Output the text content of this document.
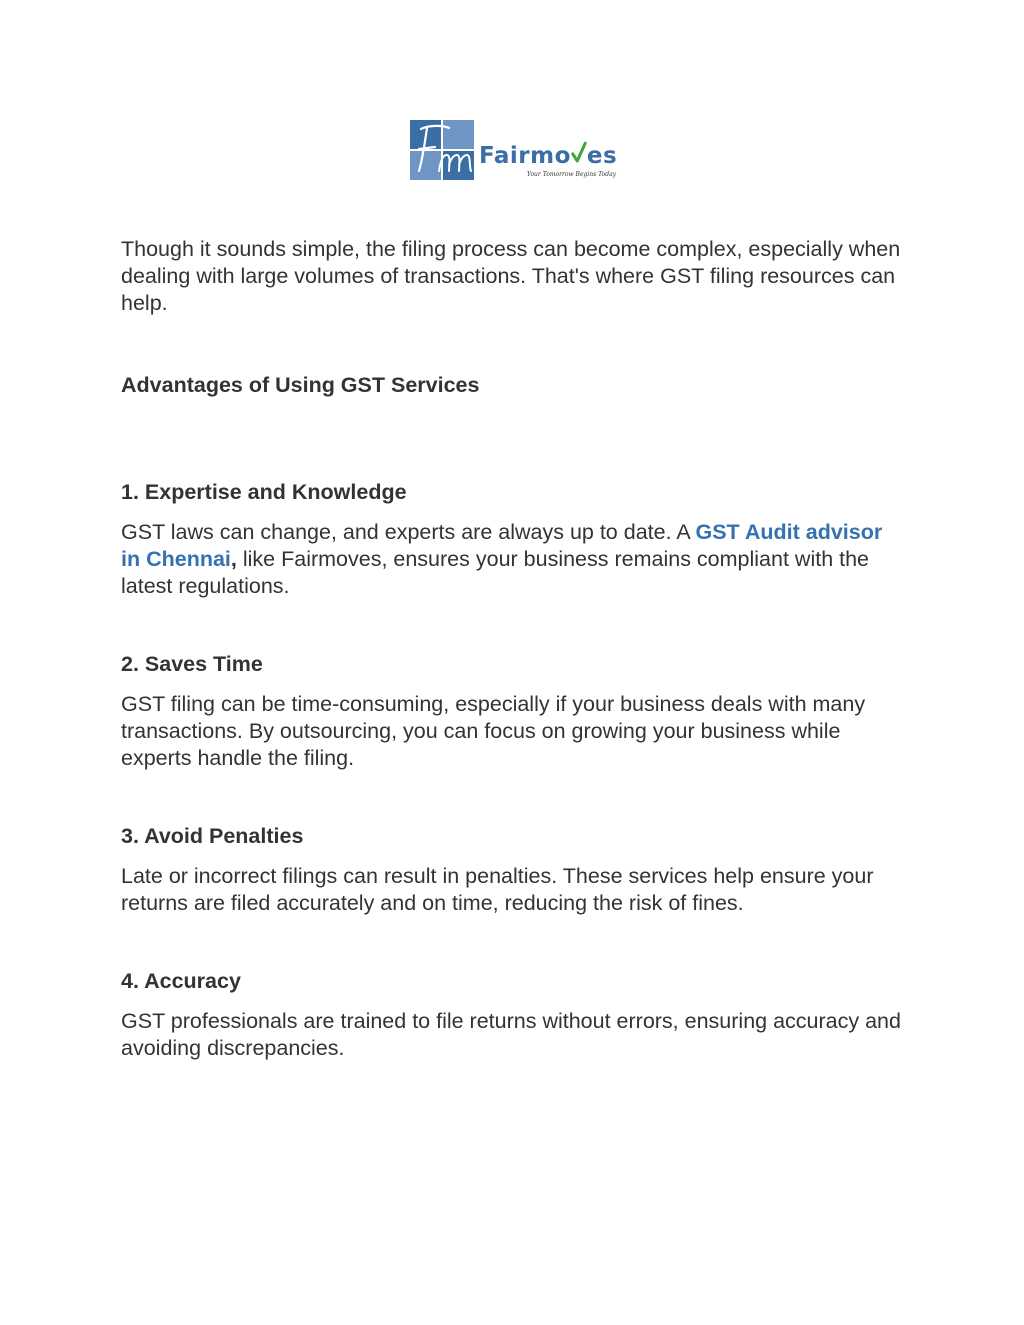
Fairmo es
Your Tomorrow Begins Today

Though it sounds simple, the filing process can become complex, especially when dealing with large volumes of transactions. That's where GST filing resources can help.

Advantages of Using GST Services
1. Expertise and Knowledge

GST laws can change, and experts are always up to date. A GST Audit advisor in Chennai, like Fairmoves, ensures your business remains compliant with the latest regulations.

2. Saves Time

GST filing can be time-consuming, especially if your business deals with many transactions. By outsourcing, you can focus on growing your business while experts handle the filing.

3. Avoid Penalties

Late or incorrect filings can result in penalties. These services help ensure your returns are filed accurately and on time, reducing the risk of fines.

4. Accuracy

GST professionals are trained to file returns without errors, ensuring accuracy and avoiding discrepancies.
